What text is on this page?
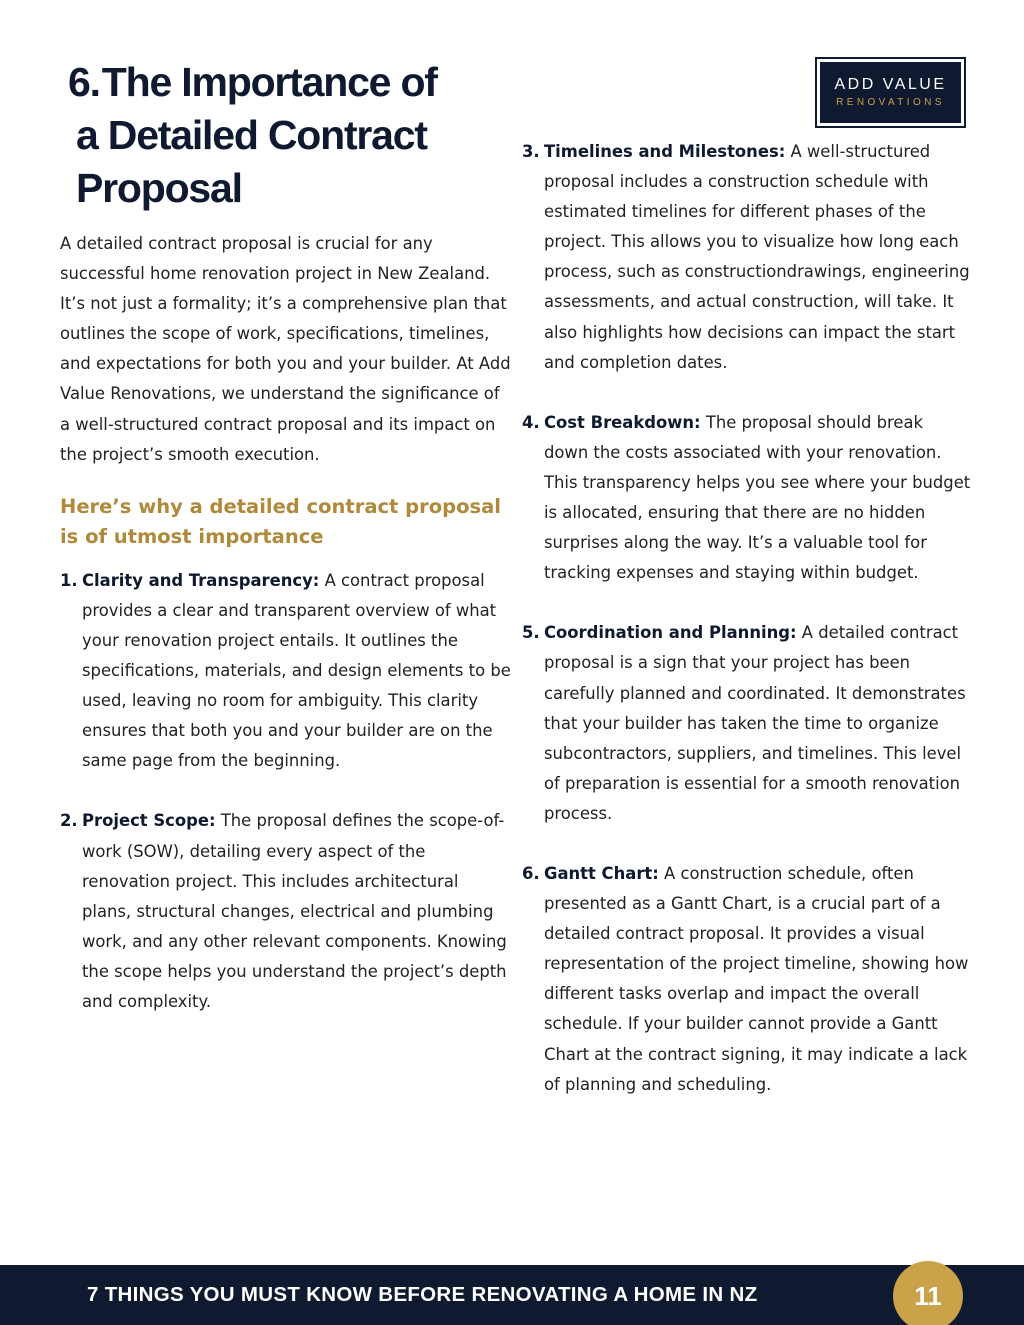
6.The Importance of
a Detailed Contract
Proposal
ADD VALUE
RENOVATIONS

A detailed contract proposal is crucial for any successful home renovation project in New Zealand. It’s not just a formality; it’s a comprehensive plan that outlines the scope of work, specifications, timelines, and expectations for both you and your builder. At Add Value Renovations, we understand the significance of a well-structured contract proposal and its impact on the project’s smooth execution.

Here’s why a detailed contract proposal is of utmost importance
1. Clarity and Transparency: A contract proposal provides a clear and transparent overview of what your renovation project entails. It outlines the specifications, materials, and design elements to be used, leaving no room for ambiguity. This clarity ensures that both you and your builder are on the same page from the beginning.
2. Project Scope: The proposal defines the scope-of-work (SOW), detailing every aspect of the renovation project. This includes architectural plans, structural changes, electrical and plumbing work, and any other relevant components. Knowing the scope helps you understand the project’s depth and complexity.
3. Timelines and Milestones: A well-structured proposal includes a construction schedule with estimated timelines for different phases of the project. This allows you to visualize how long each process, such as constructiondrawings, engineering assessments, and actual construction, will take. It also highlights how decisions can impact the start and completion dates.
4. Cost Breakdown: The proposal should break down the costs associated with your renovation. This transparency helps you see where your budget is allocated, ensuring that there are no hidden surprises along the way. It’s a valuable tool for tracking expenses and staying within budget.
5. Coordination and Planning: A detailed contract proposal is a sign that your project has been carefully planned and coordinated. It demonstrates that your builder has taken the time to organize subcontractors, suppliers, and timelines. This level of preparation is essential for a smooth renovation process.
6. Gantt Chart: A construction schedule, often presented as a Gantt Chart, is a crucial part of a detailed contract proposal. It provides a visual representation of the project timeline, showing how different tasks overlap and impact the overall schedule. If your builder cannot provide a Gantt Chart at the contract signing, it may indicate a lack of planning and scheduling.
7 THINGS YOU MUST KNOW BEFORE RENOVATING A HOME IN NZ	11
